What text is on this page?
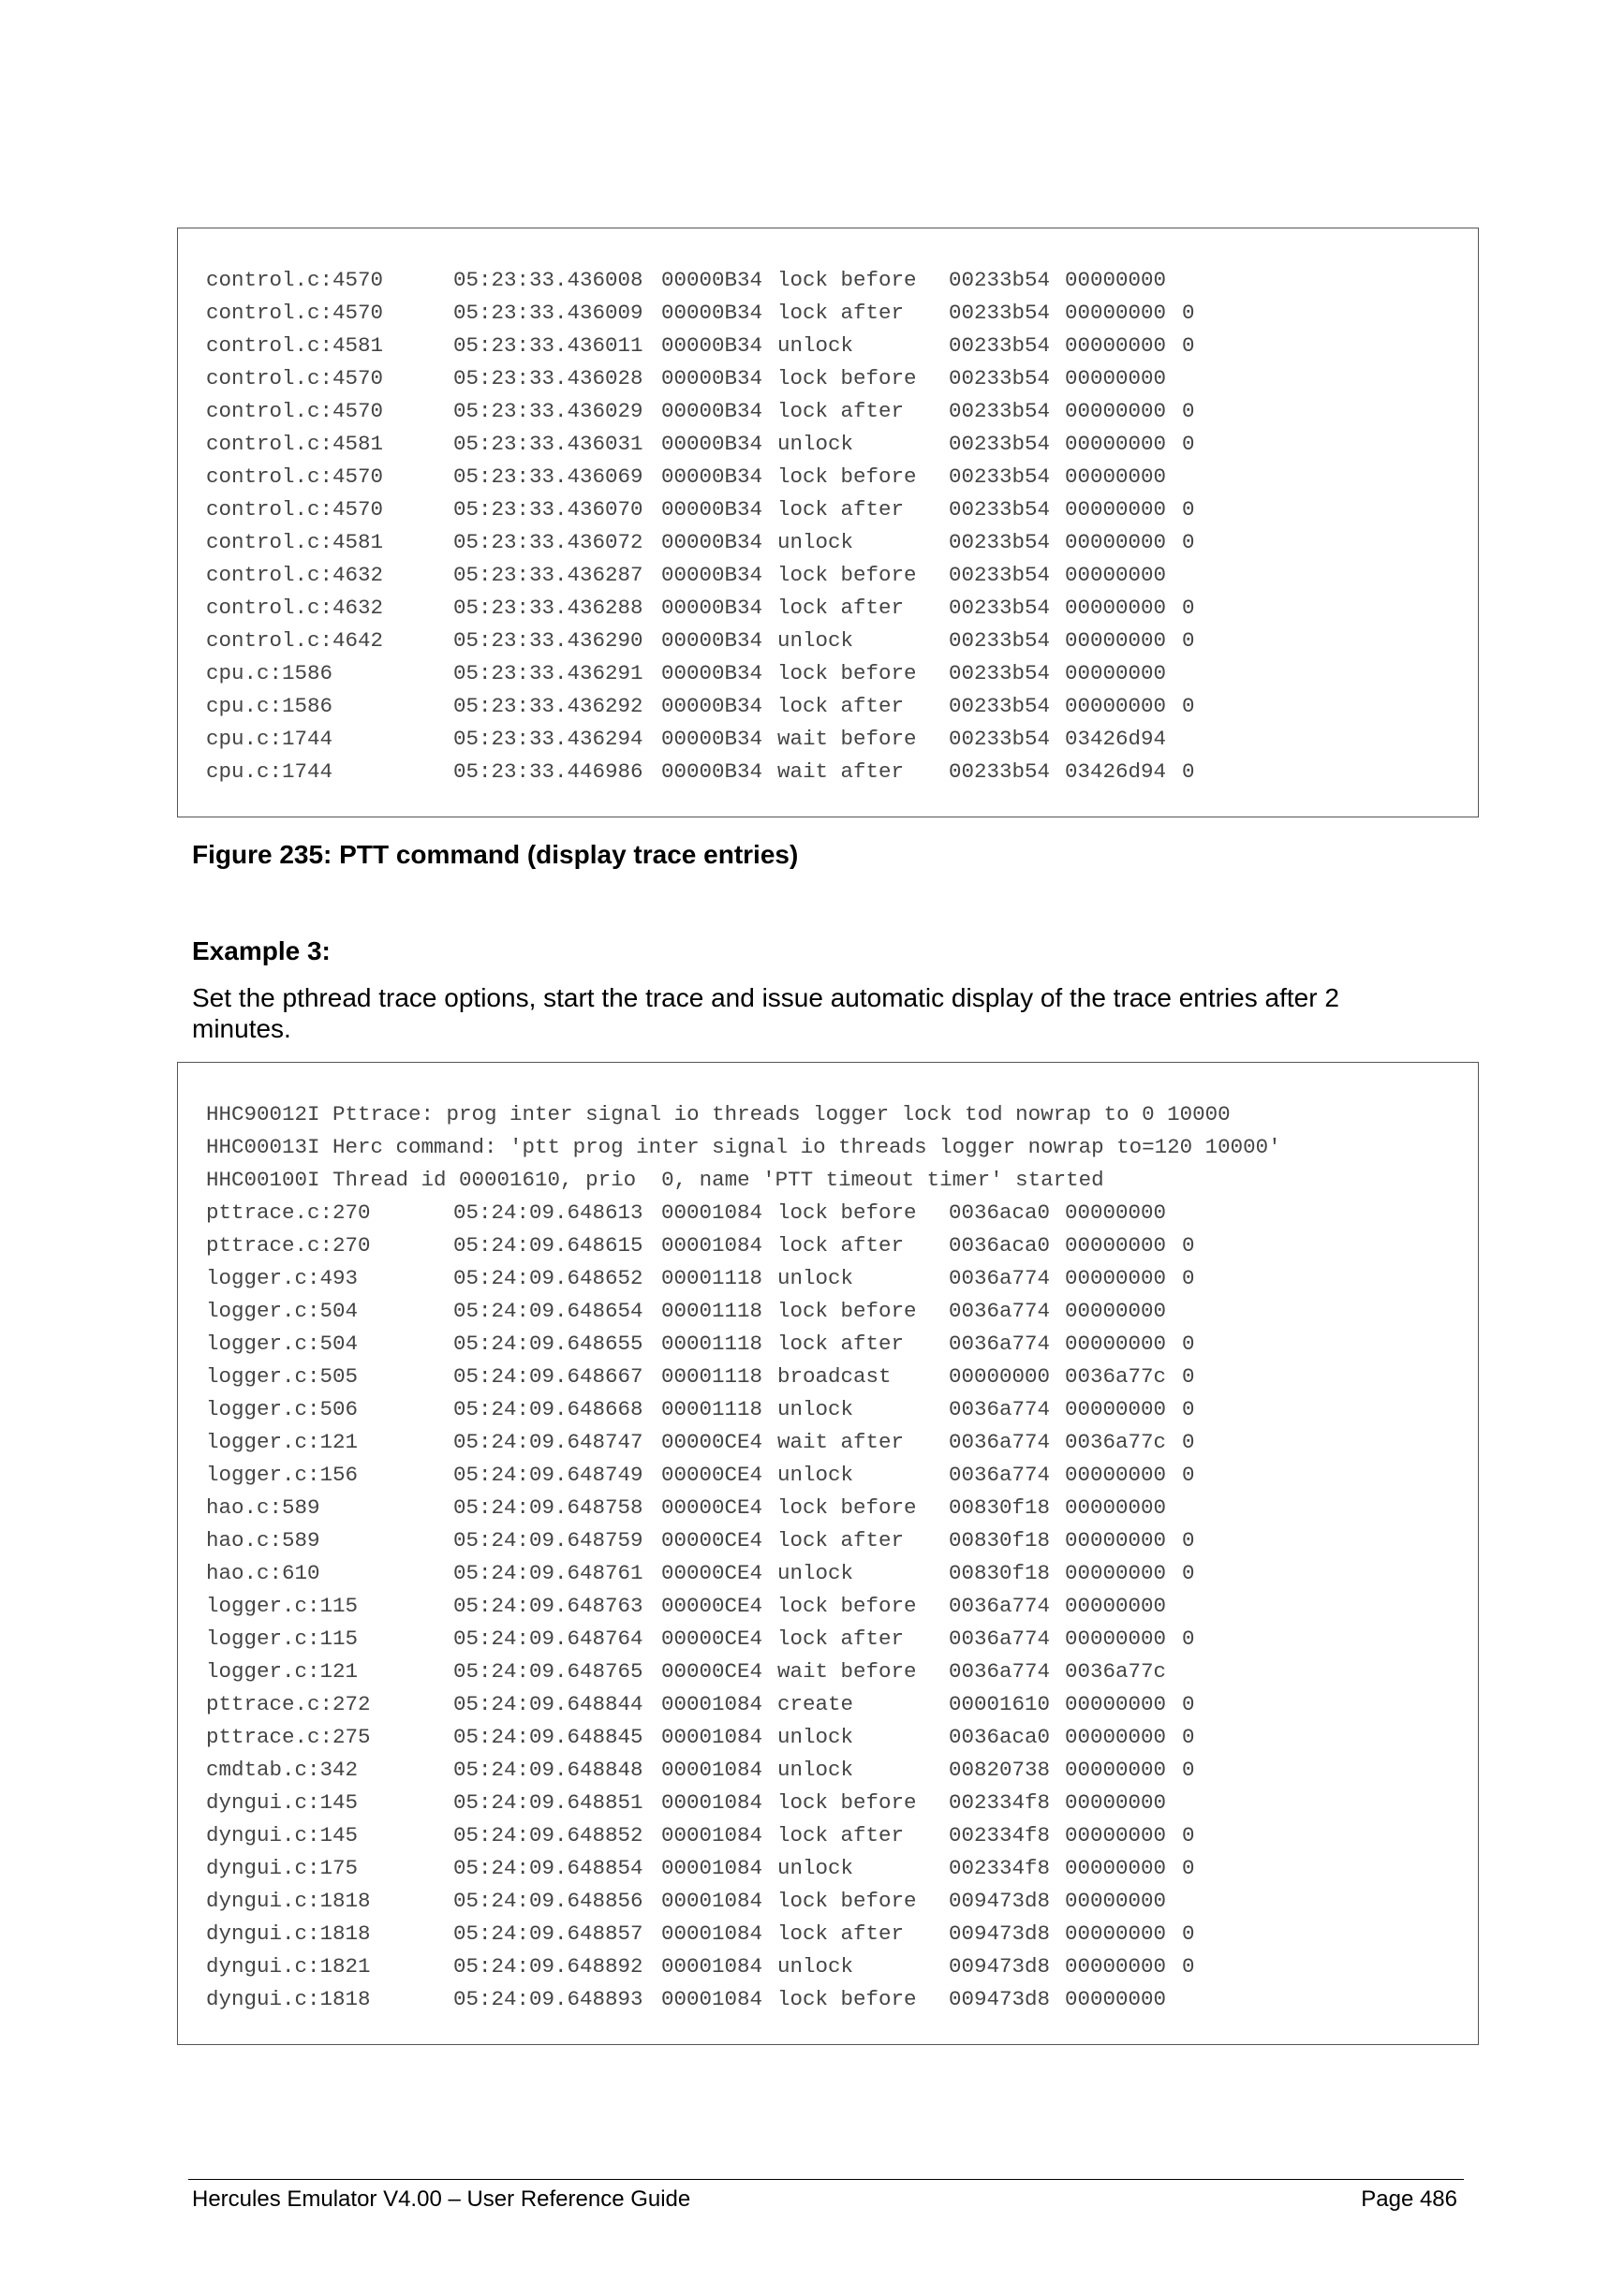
control.c:4570	05:23:33.436008 00000B34 lock before 00233b54 00000000
control.c:4570	05:23:33.436009 00000B34 lock after 00233b54 00000000 0
control.c:4581	05:23:33.436011 00000B34 unlock	00233b54 00000000 0
control.c:4570	05:23:33.436028 00000B34 lock before 00233b54 00000000
control.c:4570	05:23:33.436029 00000B34 lock after 00233b54 00000000 0
control.c:4581	05:23:33.436031 00000B34 unlock	00233b54 00000000 0
control.c:4570	05:23:33.436069 00000B34 lock before 00233b54 00000000
control.c:4570	05:23:33.436070 00000B34 lock after 00233b54 00000000 0
control.c:4581	05:23:33.436072 00000B34 unlock	00233b54 00000000 0
control.c:4632	05:23:33.436287 00000B34 lock before 00233b54 00000000
control.c:4632	05:23:33.436288 00000B34 lock after 00233b54 00000000 0
control.c:4642	05:23:33.436290 00000B34 unlock	00233b54 00000000 0
cpu.c:1586	05:23:33.436291 00000B34 lock before 00233b54 00000000
cpu.c:1586	05:23:33.436292 00000B34 lock after 00233b54 00000000 0
cpu.c:1744	05:23:33.436294 00000B34 wait before 00233b54 03426d94
cpu.c:1744	05:23:33.446986 00000B34 wait after 00233b54 03426d94 0
Figure 235: PTT command (display trace entries)
Example 3:
Set the pthread trace options, start the trace and issue automatic display of the trace entries after 2 minutes.
HHC90012I Pttrace: prog inter signal io threads logger lock tod nowrap to 0 10000
HHC00013I Herc command: 'ptt prog inter signal io threads logger nowrap to=120 10000'
HHC00100I Thread id 00001610, prio  0, name 'PTT timeout timer' started
pttrace.c:270	05:24:09.648613 00001084 lock before 0036aca0 00000000
pttrace.c:270	05:24:09.648615 00001084 lock after 0036aca0 00000000 0
logger.c:493	05:24:09.648652 00001118 unlock	0036a774 00000000 0
logger.c:504	05:24:09.648654 00001118 lock before 0036a774 00000000
logger.c:504	05:24:09.648655 00001118 lock after 0036a774 00000000 0
logger.c:505	05:24:09.648667 00001118 broadcast	00000000 0036a77c 0
logger.c:506	05:24:09.648668 00001118 unlock	0036a774 00000000 0
logger.c:121	05:24:09.648747 00000CE4 wait after 0036a774 0036a77c 0
logger.c:156	05:24:09.648749 00000CE4 unlock	0036a774 00000000 0
hao.c:589	05:24:09.648758 00000CE4 lock before 00830f18 00000000
hao.c:589	05:24:09.648759 00000CE4 lock after 00830f18 00000000 0
hao.c:610	05:24:09.648761 00000CE4 unlock	00830f18 00000000 0
logger.c:115	05:24:09.648763 00000CE4 lock before 0036a774 00000000
logger.c:115	05:24:09.648764 00000CE4 lock after 0036a774 00000000 0
logger.c:121	05:24:09.648765 00000CE4 wait before 0036a774 0036a77c
pttrace.c:272	05:24:09.648844 00001084 create	00001610 00000000 0
pttrace.c:275	05:24:09.648845 00001084 unlock	0036aca0 00000000 0
cmdtab.c:342	05:24:09.648848 00001084 unlock	00820738 00000000 0
dyngui.c:145	05:24:09.648851 00001084 lock before 002334f8 00000000
dyngui.c:145	05:24:09.648852 00001084 lock after 002334f8 00000000 0
dyngui.c:175	05:24:09.648854 00001084 unlock	002334f8 00000000 0
dyngui.c:1818	05:24:09.648856 00001084 lock before 009473d8 00000000
dyngui.c:1818	05:24:09.648857 00001084 lock after 009473d8 00000000 0
dyngui.c:1821	05:24:09.648892 00001084 unlock	009473d8 00000000 0
dyngui.c:1818	05:24:09.648893 00001084 lock before 009473d8 00000000
Hercules Emulator V4.00 – User Reference Guide	Page 486
